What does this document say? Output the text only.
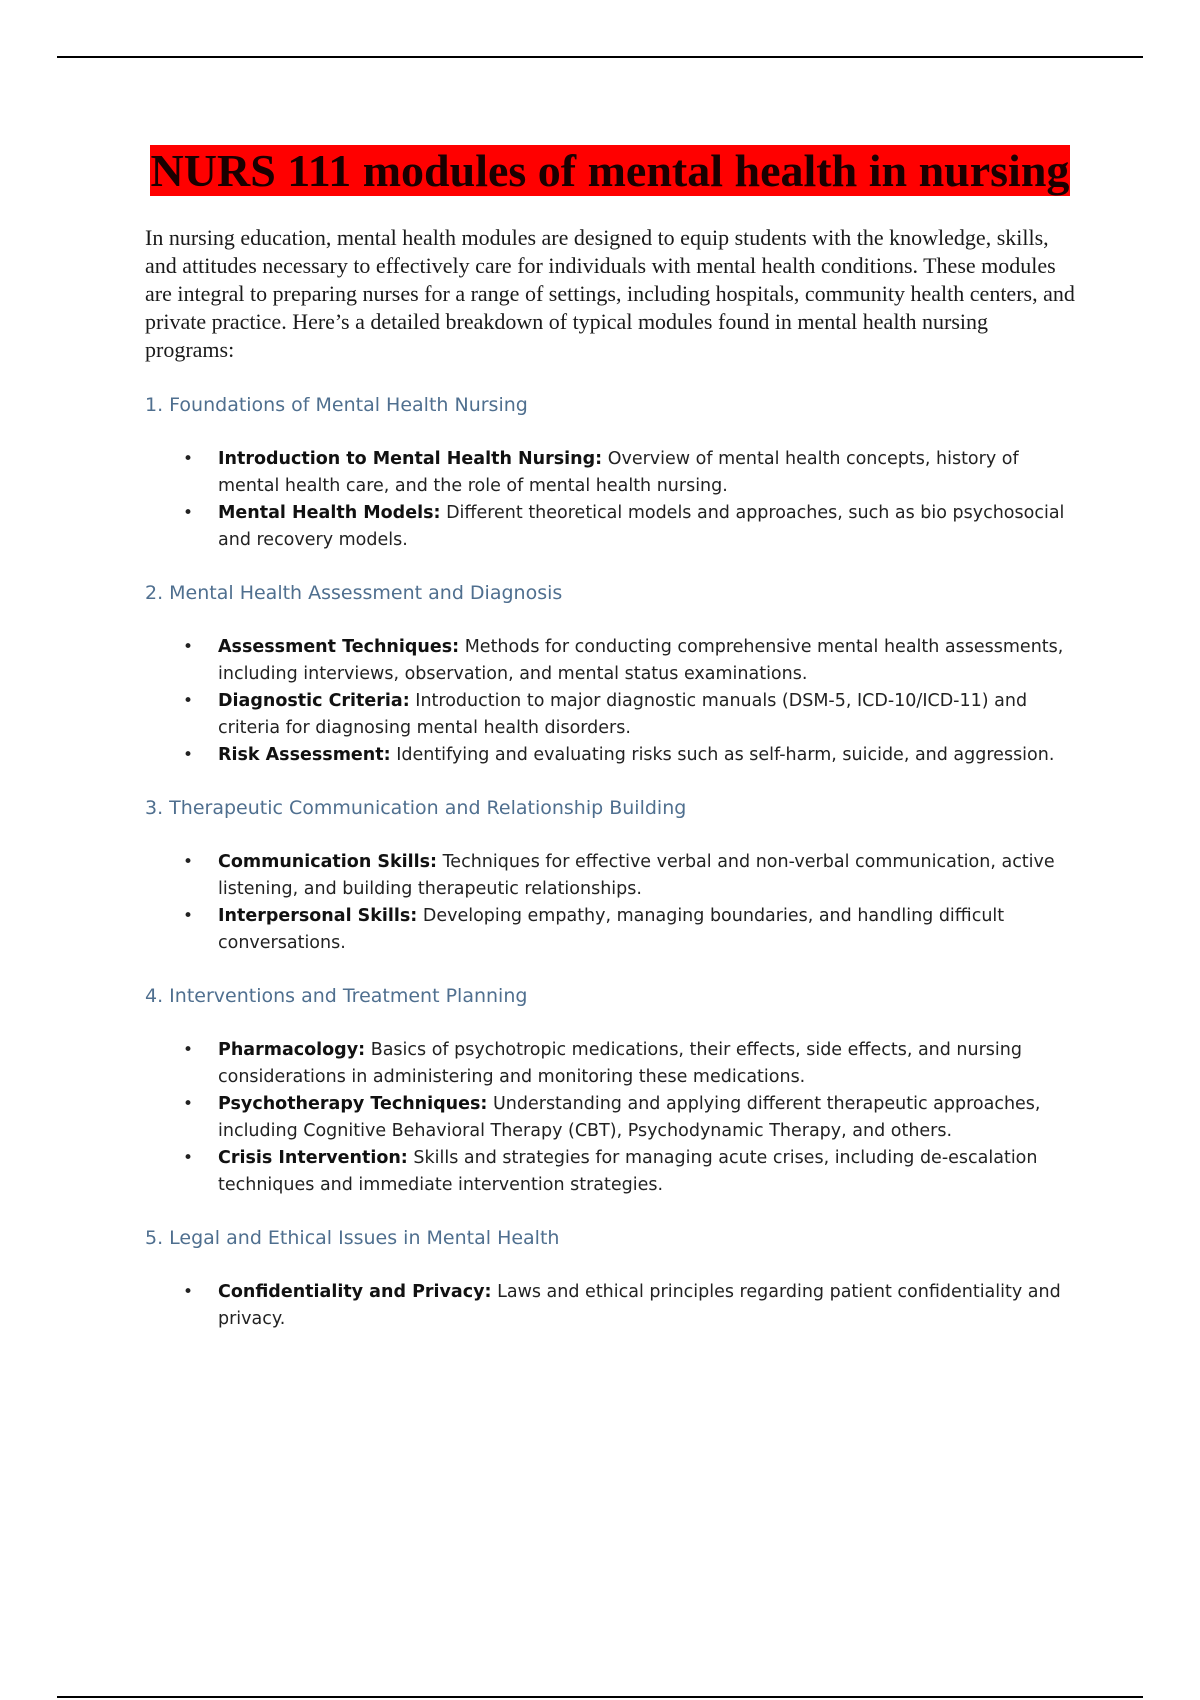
NURS 111 modules of mental health in nursing

In nursing education, mental health modules are designed to equip students with the knowledge, skills, and attitudes necessary to effectively care for individuals with mental health conditions. These modules are integral to preparing nurses for a range of settings, including hospitals, community health centers, and private practice. Here’s a detailed breakdown of typical modules found in mental health nursing programs:

1. Foundations of Mental Health Nursing
• Introduction to Mental Health Nursing: Overview of mental health concepts, history of mental health care, and the role of mental health nursing.
• Mental Health Models: Different theoretical models and approaches, such as bio psychosocial and recovery models.
2. Mental Health Assessment and Diagnosis
• Assessment Techniques: Methods for conducting comprehensive mental health assessments, including interviews, observation, and mental status examinations.
• Diagnostic Criteria: Introduction to major diagnostic manuals (DSM-5, ICD-10/ICD-11) and criteria for diagnosing mental health disorders.
• Risk Assessment: Identifying and evaluating risks such as self-harm, suicide, and aggression.
3. Therapeutic Communication and Relationship Building
• Communication Skills: Techniques for effective verbal and non-verbal communication, active listening, and building therapeutic relationships.
• Interpersonal Skills: Developing empathy, managing boundaries, and handling difficult conversations.
4. Interventions and Treatment Planning
• Pharmacology: Basics of psychotropic medications, their effects, side effects, and nursing considerations in administering and monitoring these medications.
• Psychotherapy Techniques: Understanding and applying different therapeutic approaches, including Cognitive Behavioral Therapy (CBT), Psychodynamic Therapy, and others.
• Crisis Intervention: Skills and strategies for managing acute crises, including de-escalation techniques and immediate intervention strategies.
5. Legal and Ethical Issues in Mental Health
• Confidentiality and Privacy: Laws and ethical principles regarding patient confidentiality and privacy.
